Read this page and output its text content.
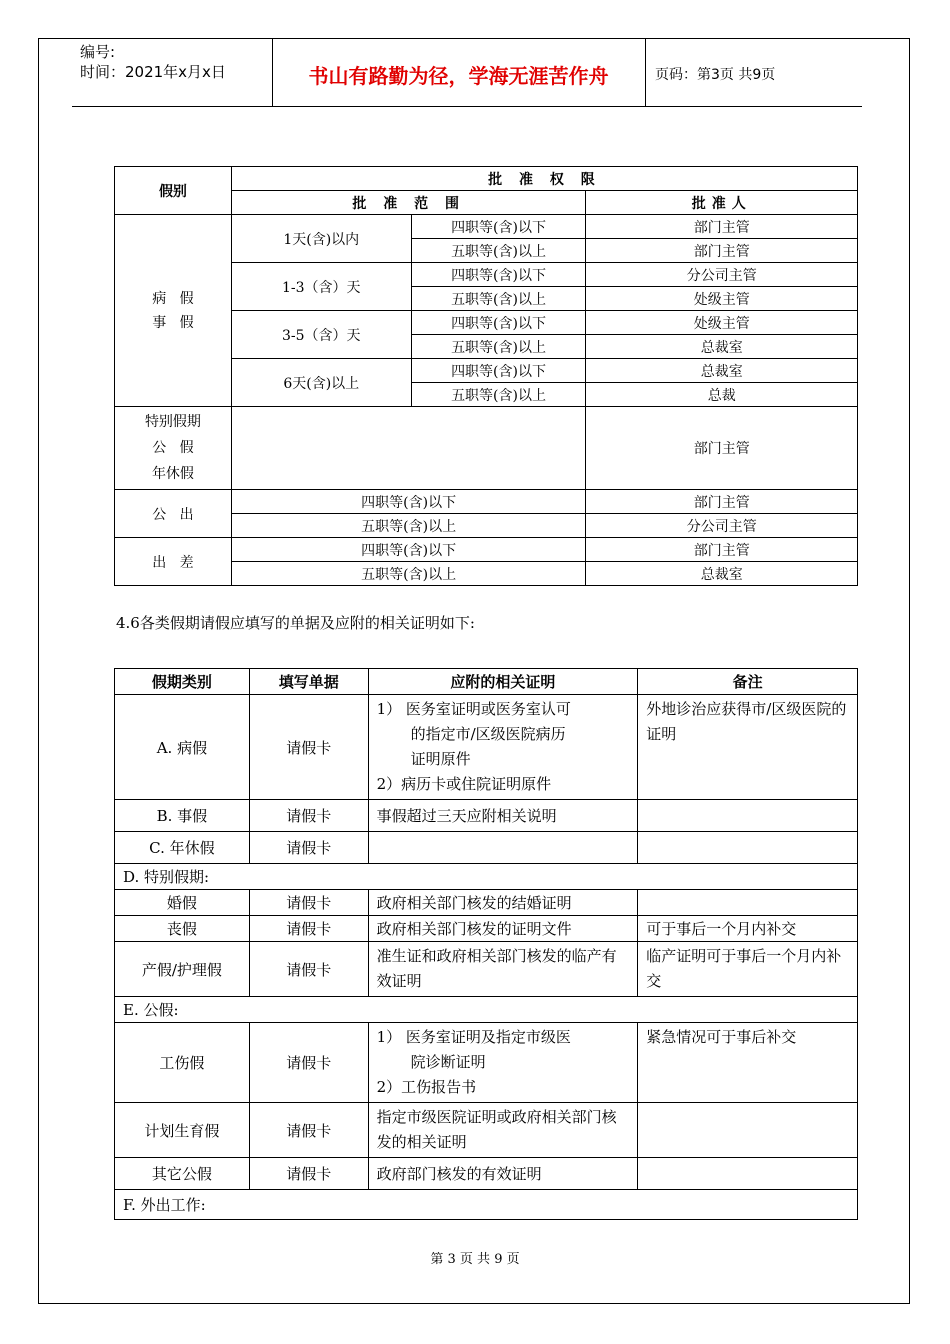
编号:
时间：2021年x月x日	书山有路勤为径，学海无涯苦作舟	页码：第3页 共9页
假别	批 准 权 限		
	批 准 范 围		批准人

病   假
事   假	1天(含)以内	四职等(含)以下	部门主管
		五职等(含)以上	部门主管
	1-3（含）天	四职等(含)以下	分公司主管
		五职等(含)以上	处级主管
	3-5（含）天	四职等(含)以下	处级主管
		五职等(含)以上	总裁室
	6天(含)以上	四职等(含)以下	总裁室
		五职等(含)以上	总裁

特别假期
公   假
年休假			部门主管
公   出	四职等(含)以下		部门主管
	五职等(含)以上		分公司主管
出   差	四职等(含)以下		部门主管
	五职等(含)以上		总裁室
4.6各类假期请假应填写的单据及应附的相关证明如下:
假期类别	填写单据	应附的相关证明	备注
A. 病假	请假卡	1） 医务室证明或医务室认可
的指定市/区级医院病历
证明原件
2）病历卡或住院证明原件	外地诊治应获得市/区级医院的证明
B. 事假	请假卡	事假超过三天应附相关说明	
C. 年休假	请假卡		
D. 特别假期:			
婚假	请假卡	政府相关部门核发的结婚证明	
丧假	请假卡	政府相关部门核发的证明文件	可于事后一个月内补交
产假/护理假	请假卡	准生证和政府相关部门核发的临产有效证明	临产证明可于事后一个月内补交
E. 公假:			
工伤假	请假卡	1） 医务室证明及指定市级医
院诊断证明
2）工伤报告书	紧急情况可于事后补交
计划生育假	请假卡	指定市级医院证明或政府相关部门核发的相关证明	
其它公假	请假卡	政府部门核发的有效证明	
F. 外出工作:			
第 3 页 共 9 页
